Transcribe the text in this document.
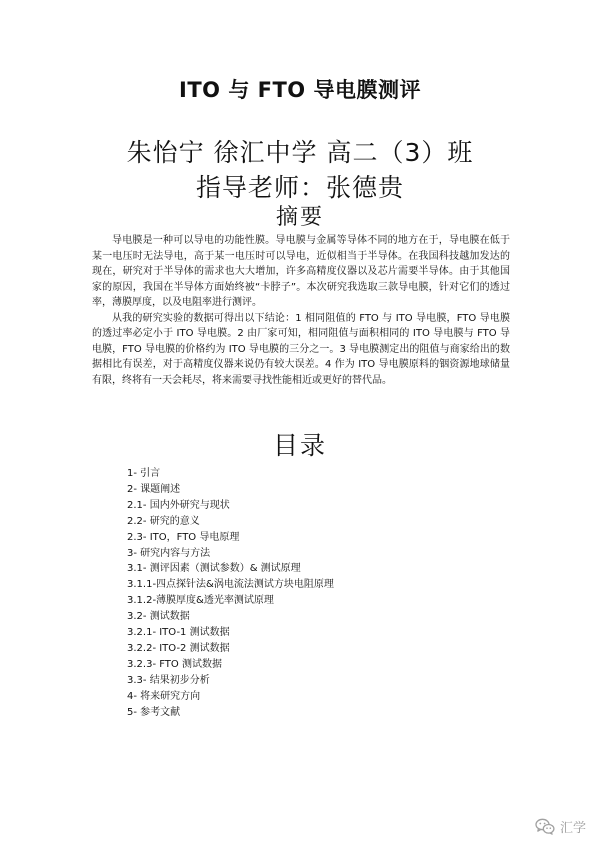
ITO 与 FTO 导电膜测评
朱怡宁 徐汇中学 高二（3）班
指导老师：张德贵
摘要

导电膜是一种可以导电的功能性膜。导电膜与金属等导体不同的地方在于，导电膜在低于某一电压时无法导电，高于某一电压时可以导电，近似相当于半导体。在我国科技越加发达的现在，研究对于半导体的需求也大大增加，许多高精度仪器以及芯片需要半导体。由于其他国家的原因，我国在半导体方面始终被“卡脖子”。本次研究我选取三款导电膜，针对它们的透过率，薄膜厚度，以及电阻率进行测评。

从我的研究实验的数据可得出以下结论：1 相同阻值的 FTO 与 ITO 导电膜，FTO 导电膜的透过率必定小于 ITO 导电膜。2 由厂家可知，相同阻值与面积相同的 ITO 导电膜与 FTO 导电膜，FTO 导电膜的价格约为 ITO 导电膜的三分之一。3 导电膜测定出的阻值与商家给出的数据相比有误差，对于高精度仪器来说仍有较大误差。4 作为 ITO 导电膜原料的铟资源地球储量有限，终将有一天会耗尽，将来需要寻找性能相近或更好的替代品。

目录
1- 引言
2- 课题阐述
2.1- 国内外研究与现状
2.2- 研究的意义
2.3- ITO，FTO 导电原理
3- 研究内容与方法
3.1- 测评因素（测试参数）& 测试原理
3.1.1-四点探针法&涡电流法测试方块电阻原理
3.1.2-薄膜厚度&透光率测试原理
3.2- 测试数据
3.2.1- ITO-1 测试数据
3.2.2- ITO-2 测试数据
3.2.3- FTO 测试数据
3.3- 结果初步分析
4- 将来研究方向
5- 参考文献
汇学
